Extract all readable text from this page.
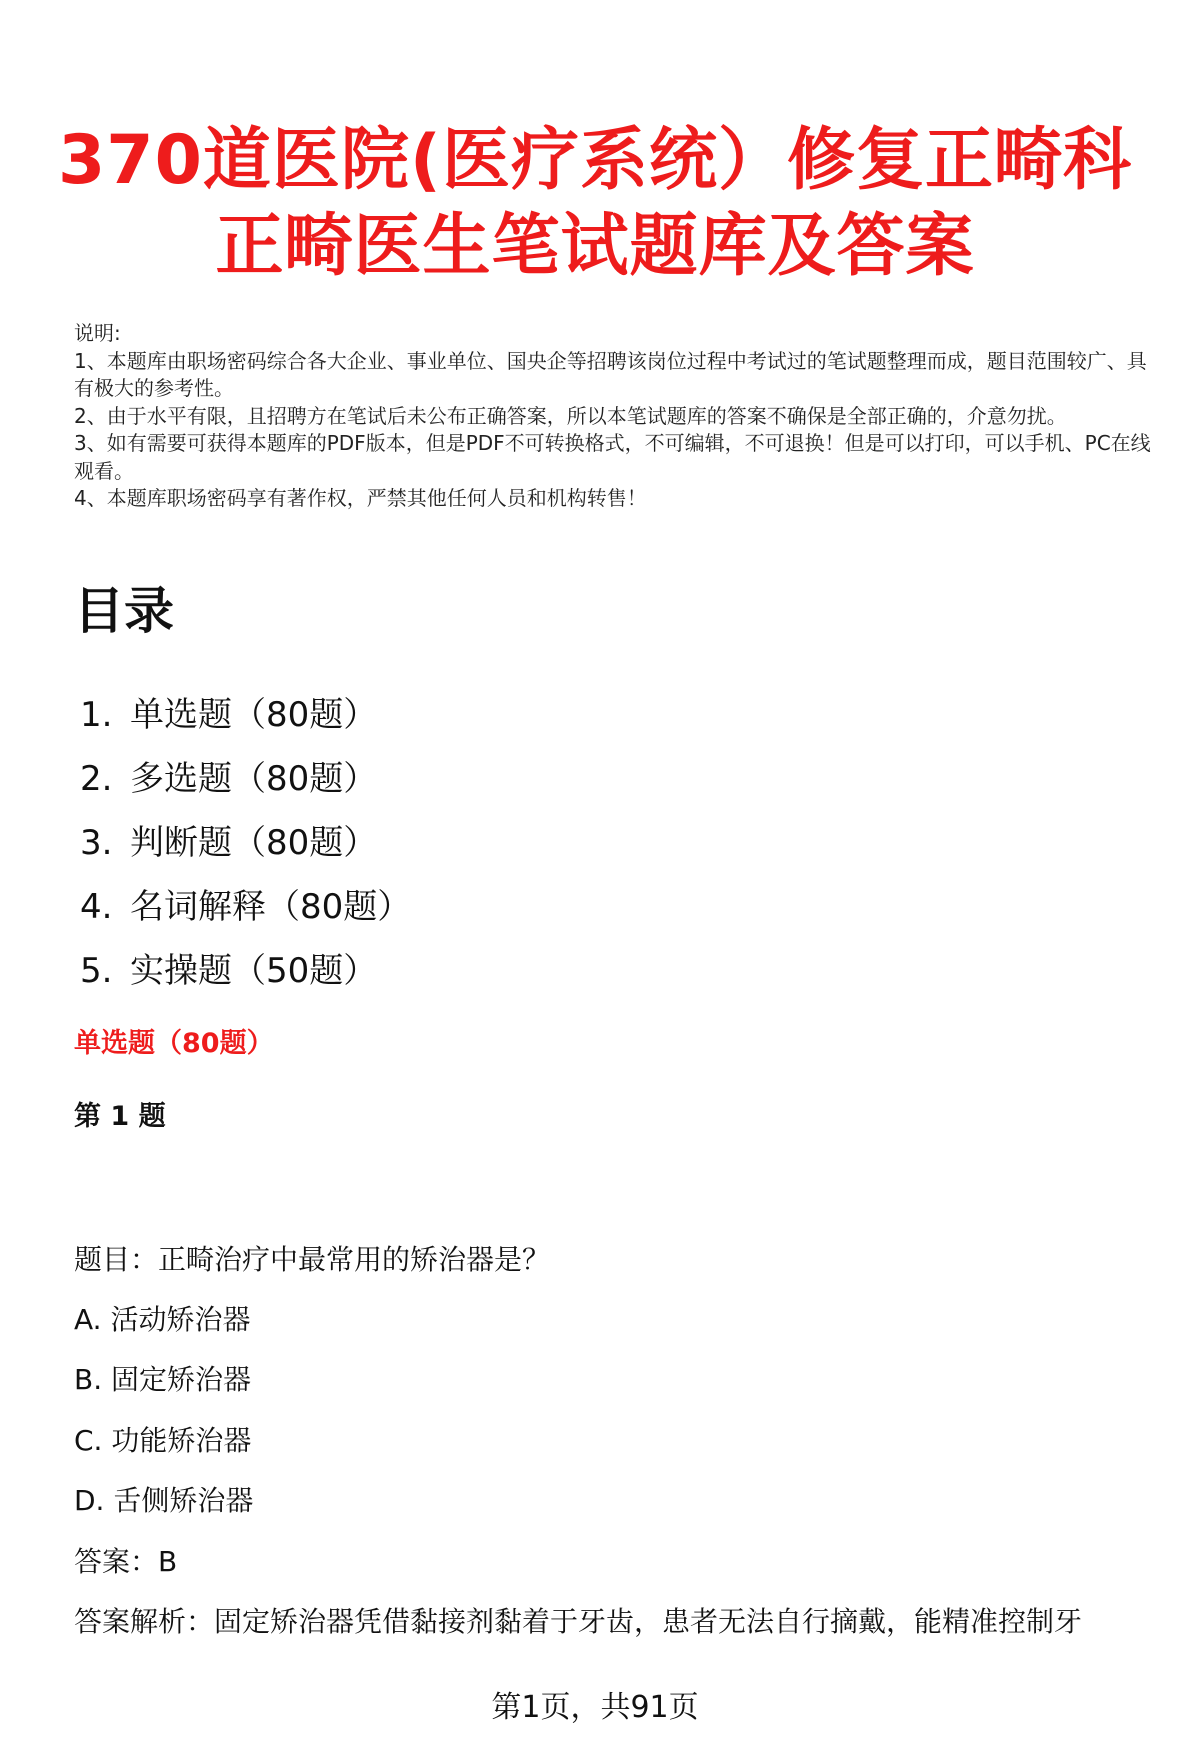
370道医院(医疗系统）修复正畸科
正畸医生笔试题库及答案
说明:
1、本题库由职场密码综合各大企业、事业单位、国央企等招聘该岗位过程中考试过的笔试题整理而成，题目范围较广、具有极大的参考性。
2、由于水平有限，且招聘方在笔试后未公布正确答案，所以本笔试题库的答案不确保是全部正确的，介意勿扰。
3、如有需要可获得本题库的PDF版本，但是PDF不可转换格式，不可编辑，不可退换！但是可以打印，可以手机、PC在线观看。
4、本题库职场密码享有著作权，严禁其他任何人员和机构转售！
目录
1. 单选题（80题）
2. 多选题（80题）
3. 判断题（80题）
4. 名词解释（80题）
5. 实操题（50题）
单选题（80题）
第 1 题
题目：正畸治疗中最常用的矫治器是？
A. 活动矫治器
B. 固定矫治器
C. 功能矫治器
D. 舌侧矫治器
答案：B
答案解析：固定矫治器凭借黏接剂黏着于牙齿，患者无法自行摘戴，能精准控制牙
第1页，共91页
